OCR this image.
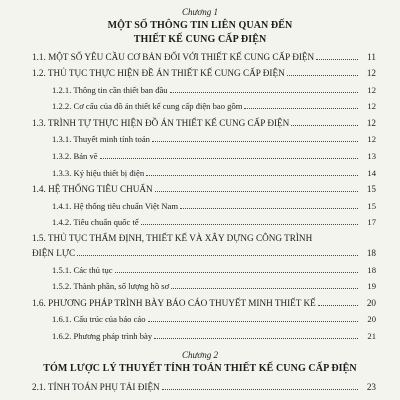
Chương 1
MỘT SỐ THÔNG TIN LIÊN QUAN ĐẾN
THIẾT KẾ CUNG CẤP ĐIỆN
1.1. MỘT SỐ YÊU CẦU CƠ BẢN ĐỐI VỚI THIẾT KẾ CUNG CẤP ĐIỆN	11
1.2. THỦ TỤC THỰC HIỆN ĐỀ ÁN THIẾT KẾ CUNG CẤP ĐIỆN	12
1.2.1. Thông tin cần thiết ban đầu	12
1.2.2. Cơ cấu của đồ án thiết kế cung cấp điện bao gồm	12
1.3. TRÌNH TỰ THỰC HIỆN ĐỒ ÁN THIẾT KẾ CUNG CẤP ĐIỆN	12
1.3.1. Thuyết minh tính toán	12
1.3.2. Bản vẽ	13
1.3.3. Ký hiệu thiết bị điện	14
1.4. HỆ THỐNG TIÊU CHUẨN	15
1.4.1. Hệ thống tiêu chuẩn Việt Nam	15
1.4.2. Tiêu chuẩn quốc tế	17
1.5. THỦ TỤC THẨM ĐỊNH, THIẾT KẾ VÀ XÂY DỰNG CÔNG TRÌNH
ĐIỆN LỰC	18
1.5.1. Các thủ tục	18
1.5.2. Thành phần, số lượng hồ sơ	19
1.6. PHƯƠNG PHÁP TRÌNH BÀY BÁO CÁO THUYẾT MINH THIẾT KẾ	20
1.6.1. Cấu trúc của báo cáo	20
1.6.2. Phương pháp trình bày	21
Chương 2
TÓM LƯỢC LÝ THUYẾT TÍNH TOÁN THIẾT KẾ CUNG CẤP ĐIỆN
2.1. TÍNH TOÁN PHỤ TẢI ĐIỆN	23
